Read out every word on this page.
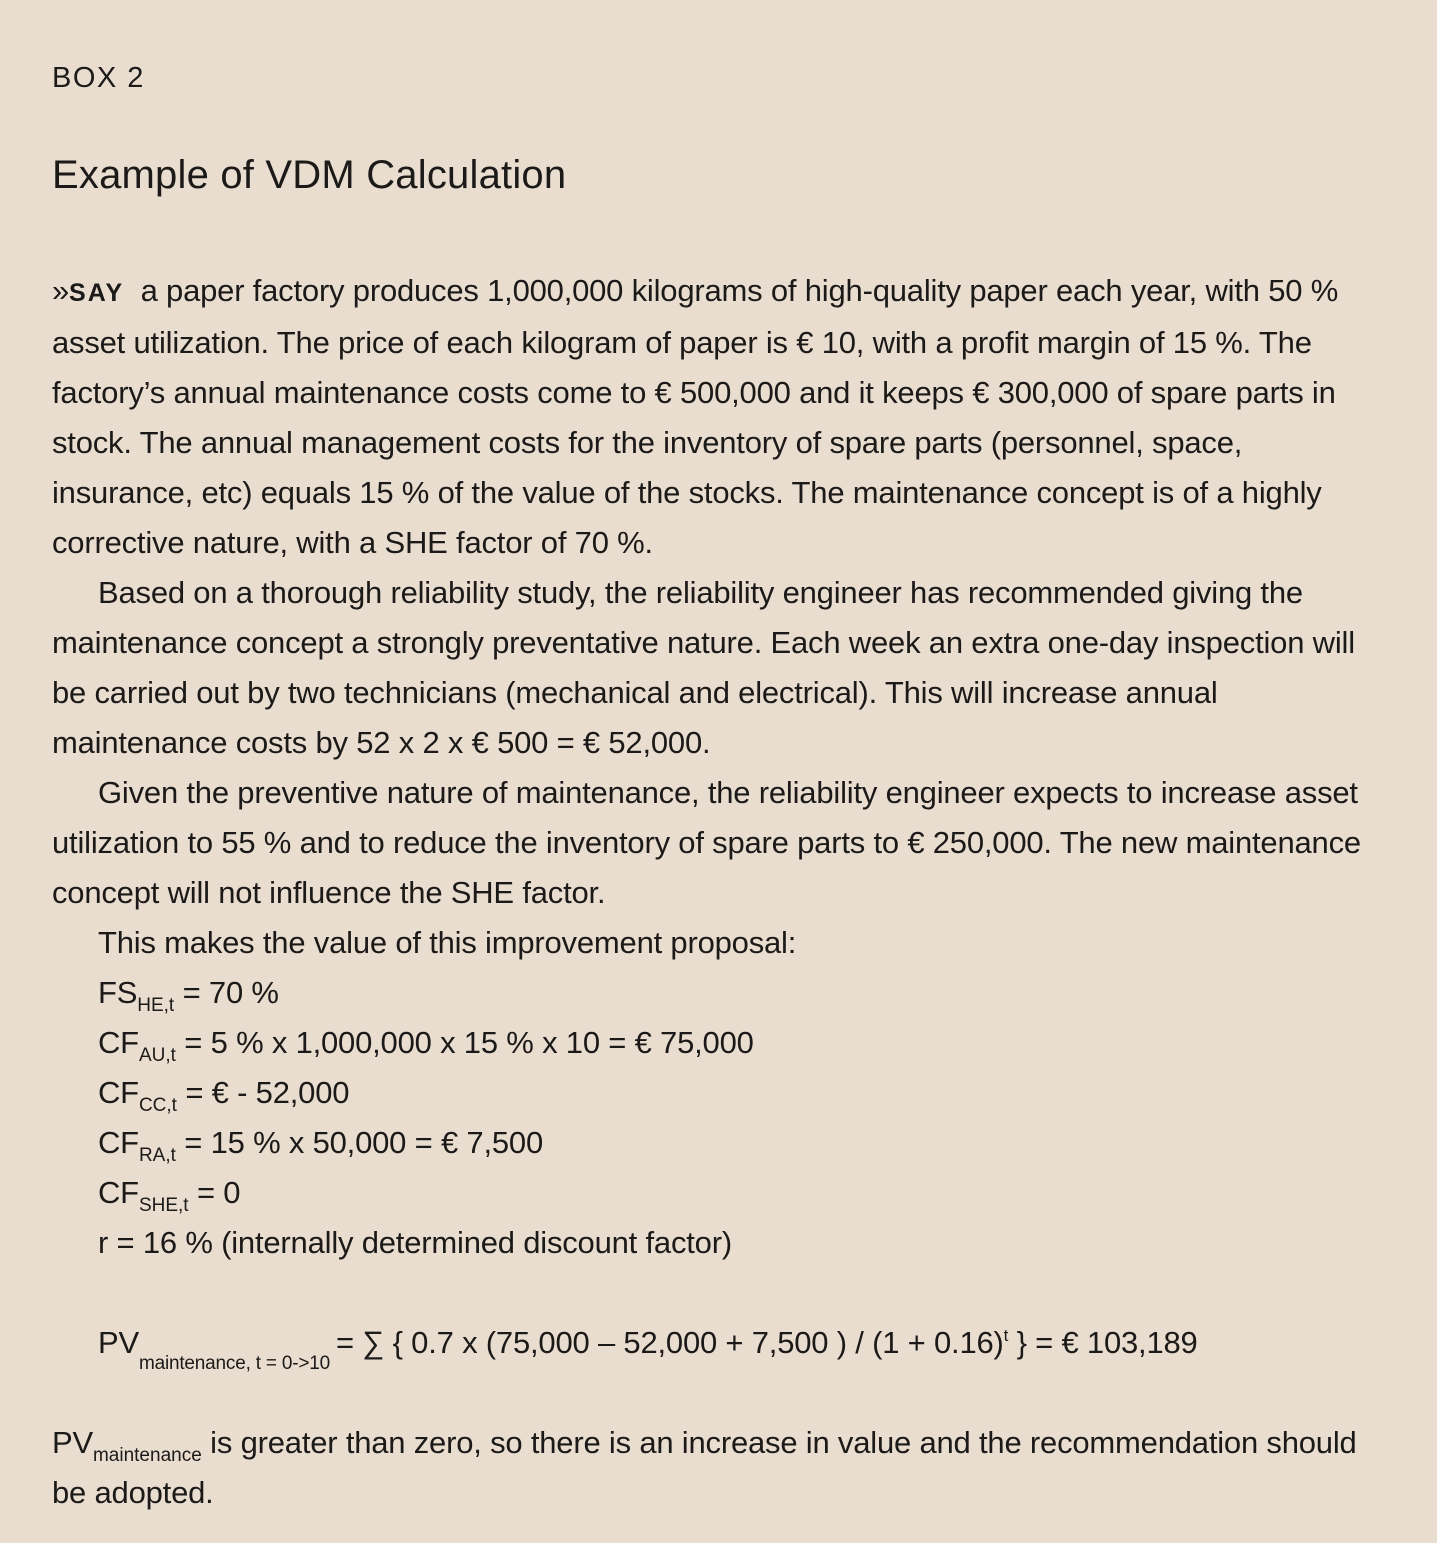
BOX 2
Example of VDM Calculation

»SAY a paper factory produces 1,000,000 kilograms of high-quality paper each year, with 50 % asset utilization. The price of each kilogram of paper is € 10, with a profit margin of 15 %. The factory’s annual maintenance costs come to € 500,000 and it keeps € 300,000 of spare parts in stock. The annual management costs for the inventory of spare parts (personnel, space, insurance, etc) equals 15 % of the value of the stocks. The maintenance concept is of a highly corrective nature, with a SHE factor of 70 %.

Based on a thorough reliability study, the reliability engineer has recommended giving the maintenance concept a strongly preventative nature. Each week an extra one-day inspection will be carried out by two technicians (mechanical and electrical). This will increase annual maintenance costs by 52 x 2 x € 500 = € 52,000.

Given the preventive nature of maintenance, the reliability engineer expects to increase asset utilization to 55 % and to reduce the inventory of spare parts to € 250,000. The new maintenance concept will not influence the SHE factor.

This makes the value of this improvement proposal:

$FS_{HE,t} = 70$ %

$CF_{AU,t} = 5$ % x 1,000,000 x 15 % x 10 = € 75,000

$CF_{CC,t}$ = € - 52,000

$CF_{RA,t} = 15$ % x 50,000 = € 7,500

$CF_{SHE,t} = 0$

r = 16 % (internally determined discount factor)

$PV_{maintenance, t = 0->10}=$ ∑ { 0.7 x (75,000 – 52,000 + 7,500 ) / $(1 + 0.16)^t$ } = € 103,189

$PV_{maintenance}$ is greater than zero, so there is an increase in value and the recommendation should be adopted.
